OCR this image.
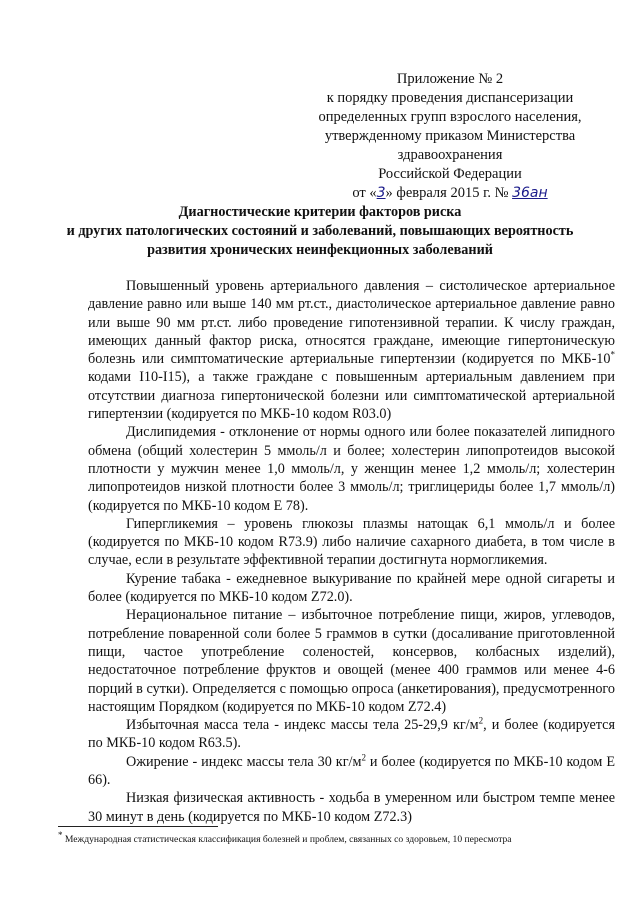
Приложение № 2
к порядку проведения диспансеризации
определенных групп взрослого населения,
утвержденному приказом Министерства
здравоохранения
Российской Федерации
от «3» февраля 2015 г. № 36ан
Диагностические критерии факторов риска
и других патологических состояний и заболеваний, повышающих вероятность
развития хронических неинфекционных заболеваний

Повышенный уровень артериального давления – систолическое артериальное давление равно или выше 140 мм рт.ст., диастолическое артериальное давление равно или выше 90 мм рт.ст. либо проведение гипотензивной терапии. К числу граждан, имеющих данный фактор риска, относятся граждане, имеющие гипертоническую болезнь или симптоматические артериальные гипертензии (кодируется по МКБ-10* кодами I10-I15), а также граждане с повышенным артериальным давлением при отсутствии диагноза гипертонической болезни или симптоматической артериальной гипертензии (кодируется по МКБ-10 кодом R03.0)

Дислипидемия - отклонение от нормы одного или более показателей липидного обмена (общий холестерин 5 ммоль/л и более; холестерин липопротеидов высокой плотности у мужчин менее 1,0 ммоль/л, у женщин менее 1,2 ммоль/л; холестерин липопротеидов низкой плотности более 3 ммоль/л; триглицериды более 1,7 ммоль/л) (кодируется по МКБ-10 кодом Е 78).

Гипергликемия – уровень глюкозы плазмы натощак 6,1 ммоль/л и более (кодируется по МКБ-10 кодом R73.9) либо наличие сахарного диабета, в том числе в случае, если в результате эффективной терапии достигнута нормогликемия.

Курение табака - ежедневное выкуривание по крайней мере одной сигареты и более (кодируется по МКБ-10 кодом Z72.0).

Нерациональное питание – избыточное потребление пищи, жиров, углеводов, потребление поваренной соли более 5 граммов в сутки (досаливание приготовленной пищи, частое употребление соленостей, консервов, колбасных изделий), недостаточное потребление фруктов и овощей (менее 400 граммов или менее 4-6 порций в сутки). Определяется с помощью опроса (анкетирования), предусмотренного настоящим Порядком (кодируется по МКБ-10 кодом Z72.4)

Избыточная масса тела - индекс массы тела 25-29,9 $кг/м^2$, и более (кодируется по МКБ-10 кодом R63.5).

Ожирение - индекс массы тела 30 $кг/м^2$ и более (кодируется по МКБ-10 кодом Е 66).

Низкая физическая активность - ходьба в умеренном или быстром темпе менее 30 минут в день (кодируется по МКБ-10 кодом Z72.3)

* Международная статистическая классификация болезней и проблем, связанных со здоровьем, 10 пересмотра
